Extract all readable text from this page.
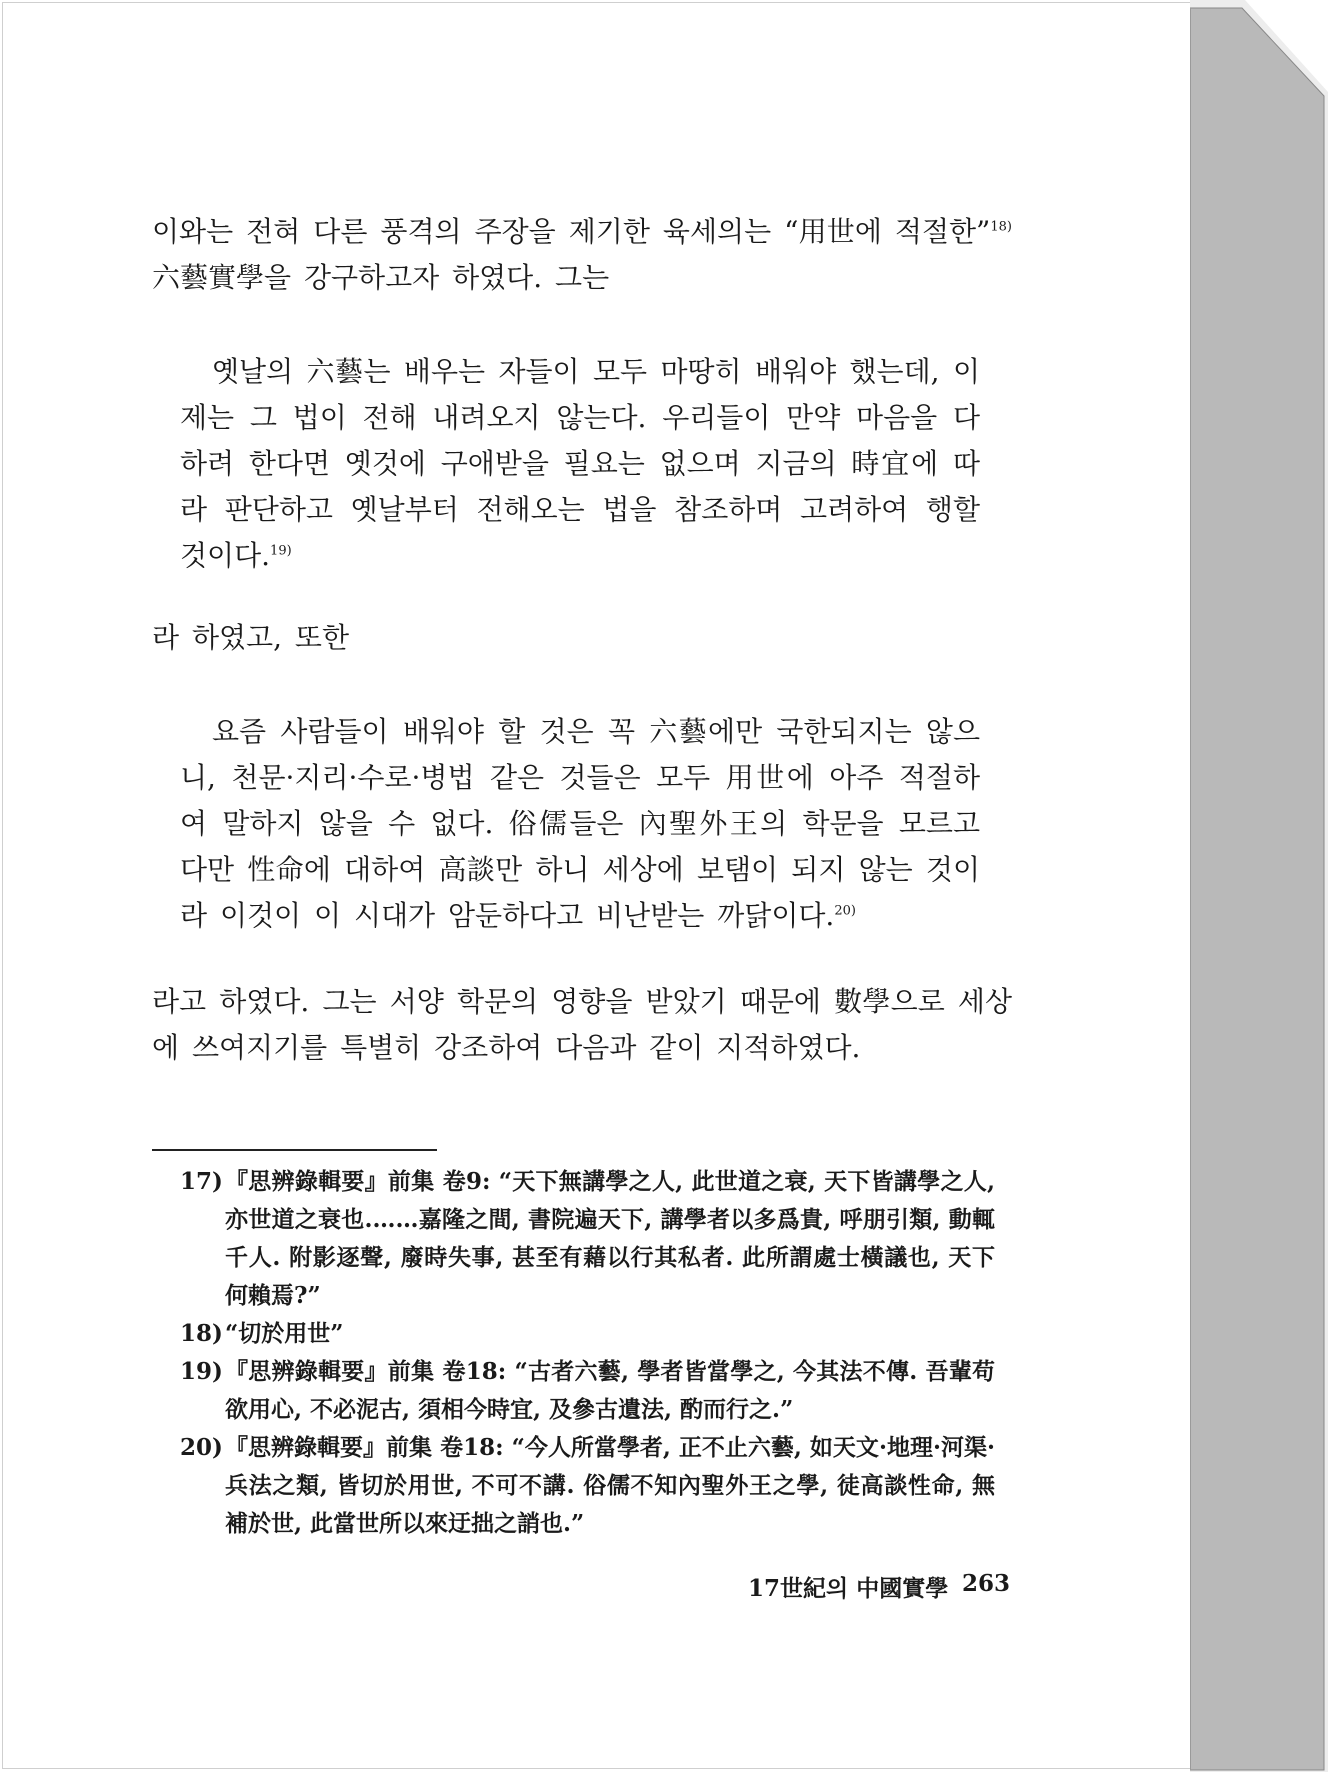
이와는 전혀 다른 풍격의 주장을 제기한 육세의는 “用世에 적절한”$^{18)}$ 六藝實學을 강구하고자 하였다. 그는

옛날의 六藝는 배우는 자들이 모두 마땅히 배워야 했는데, 이제는 그 법이 전해 내려오지 않는다. 우리들이 만약 마음을 다하려 한다면 옛것에 구애받을 필요는 없으며 지금의 時宜에 따라 판단하고 옛날부터 전해오는 법을 참조하며 고려하여 행할 것이다.$^{19)}$

라 하였고, 또한

요즘 사람들이 배워야 할 것은 꼭 六藝에만 국한되지는 않으니, 천문·지리·수로·병법 같은 것들은 모두 用世에 아주 적절하여 말하지 않을 수 없다. 俗儒들은 內聖外王의 학문을 모르고 다만 性命에 대하여 高談만 하니 세상에 보탬이 되지 않는 것이라 이것이 이 시대가 암둔하다고 비난받는 까닭이다.$^{20)}$

라고 하였다. 그는 서양 학문의 영향을 받았기 때문에 數學으로 세상에 쓰여지기를 특별히 강조하여 다음과 같이 지적하였다.

17) 『思辨錄輯要』前集 卷9: “天下無講學之人, 此世道之衰, 天下皆講學之人, 亦世道之衰也.……嘉隆之間, 書院遍天下, 講學者以多爲貴, 呼朋引類, 動輒千人. 附影逐聲, 廢時失事, 甚至有藉以行其私者. 此所謂處士橫議也, 天下何賴焉?”
18) “切於用世”
19) 『思辨錄輯要』前集 卷18: “古者六藝, 學者皆當學之, 今其法不傳. 吾輩苟欲用心, 不必泥古, 須相今時宜, 及參古遺法, 酌而行之.”
20) 『思辨錄輯要』前集 卷18: “今人所當學者, 正不止六藝, 如天文·地理·河渠·兵法之類, 皆切於用世, 不可不講. 俗儒不知內聖外王之學, 徒高談性命, 無補於世, 此當世所以來迂拙之誚也.”
17世紀의 中國實學 263
